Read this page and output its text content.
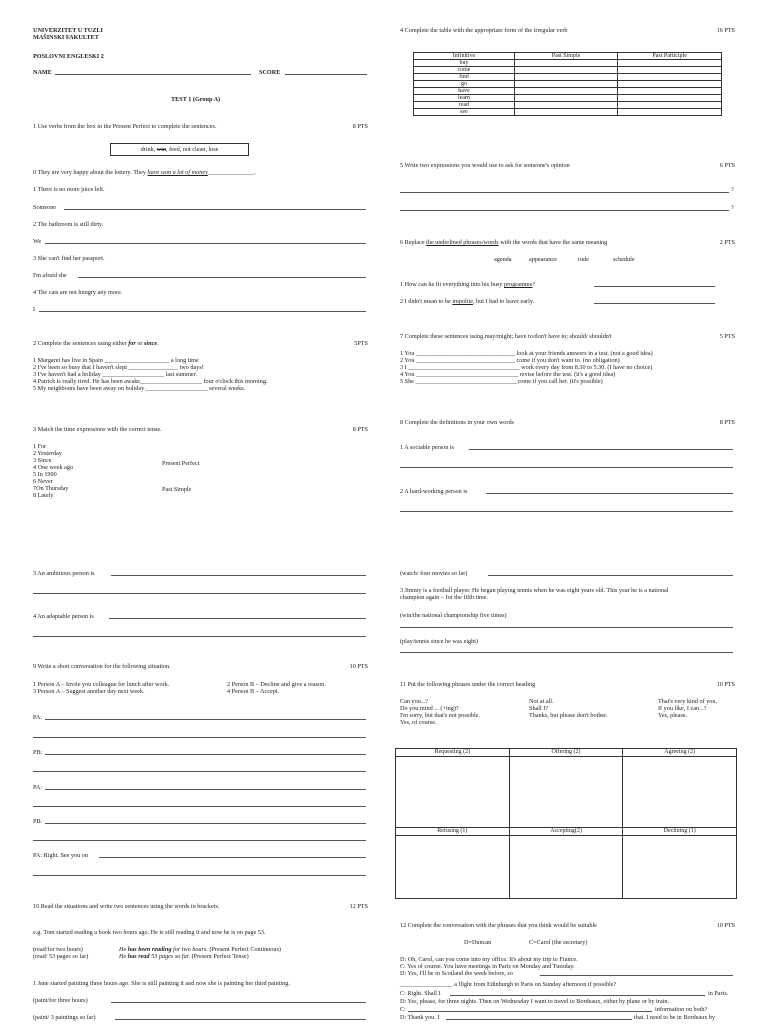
UNIVERZITET U TUZLI
MAŠINSKI FAKULTET
POSLOVNI ENGLESKI 2
NAME	SCORE
TEST 1 (Group A)
1 Use verbs from the box in the Present Perfect to complete the sentences.	8 PTS
drink, win, feed, not clean, lose
0 They are very happy about the lottery. They have won a lot of money_______________.
1 There is no more juice left.
Someone
2 The bathroom is still dirty.
We
3 She can't find her passport.
I'm afraid she
4 The cats are not hungry any more.
I
2 Complete the sentences using either for or since.	5PTS
1 Margaret has live in Spain _____________________ a long time
2 I've been so busy that I haven't slept ________________ two days!
3 I've haven't had a holiday ____________________ last summer.
4 Patrick is really tired. He has been awake____________________ four o'clock this morning.
5 My neighbours have been away on holiday ____________________ several weeks.
3 Match the time expressions with the correct tense.	8 PTS
1 For
2 Yesterday
3 Since
4 One week ago
5 In 1990
6 Never
7On Thursday
8 Lately
Present Perfect
Past Simple
3 An ambitious person is
4 An adaptable person is
9 Write a short conversation for the following situation.	10 PTS
1 Person A – Invite you colleague for lunch after work.	2 Person B – Decline and give a reason.
3 Person A – Suggest another day next week.	4 Person B – Accept.
PA:
PB:
PA:
PB:
PA: Right. See you on
10 Read the situations and write two sentences using the words in brackets.	12 PTS
e.g. Tom started reading a book two hours ago. He is still reading it and now he is on page 53.
(read/for two hours)	He has been reading for two hours. (Present Perfect Continuous)
(read/ 53 pages so far)	He has read 53 pages so far. (Present Perfect Tense)
1 Jane started painting three hours ago. She is still painting it and now she is painting her third painting.
(paint/for three hours)
(paint/ 3 paintings so far)
4 Complete the table with the appropriate form of the irregular verb	16 PTS
Infinitive	Past Simple	Past Participle
buy		
come		
find		
go		
have		
learn		
read		
see		
5 Write two expressions you would use to ask for someone's opinion	6 PTS
?
?
6 Replace the underlined phrases/words with the words that have the same meaning	2 PTS
agenda	appearance	rude	schedule
1 How can he fit everything into his busy programme?
2 I didn't mean to be impolite, but I had to leave early.
7 Complete these sentences using may/might; have to/don't have to; should/ shouldn't	5 PTS
1 You ________________________________ look at your friends answers in a test. (not a good idea)
2 You ________________________________ come if you don't want to. (no obligation)
3 I ____________________________________ work every day from 8.30 to 5.30. (I have no choice)
4 You _________________________________ revise before the test. (it's a good idea)
5 She _________________________________come if you call her. (it's possible)
8 Complete the definitions in your own words	8 PTS
1 A sociable person is
2 A hard-working person is
(watch/ four movies so far)
3 Jimmy is a football player. He began playing tennis when he was eight years old. This year he is a national
champion again – for the fifth time.
(win/the national championship five times)
(play/tennis since he was eight)
11 Put the following phrases under the correct heading	10 PTS
Can you...?
Do you mind ... (+ing)?
I'm sorry, but that's not possible.
Yes, of course.
Not at all.
Shall I?
Thanks, but please don't bother.
That's very kind of you.
If you like, I can...?
Yes, please.
Requesting (2)	Offering (2)	Agreeing (2)

Refusing (1)	Accepting(2)	Declining (1)

12 Complete the conversation with the phrases that you think would be suitable	10 PTS
D=Duncan	C=Carol (the secretary)
D: Oh, Carol, can you come into my office. It's about my trip to France.
C: Yes of course. You have meetings in Paris on Monday and Tuesday.
D: Yes, I'll be in Scotland the week before, so
_________________ a flight from Edinburgh to Paris on Sunday afternoon if possible?
C: Right. Shall I	in Paris.
D: Yes, please, for three nights. Then on Wednesday I want to travel to Bordeaux, either by plane or by train.
C:	information on both?
D: Thank you. I	that. I need to be in Bordeaux by
